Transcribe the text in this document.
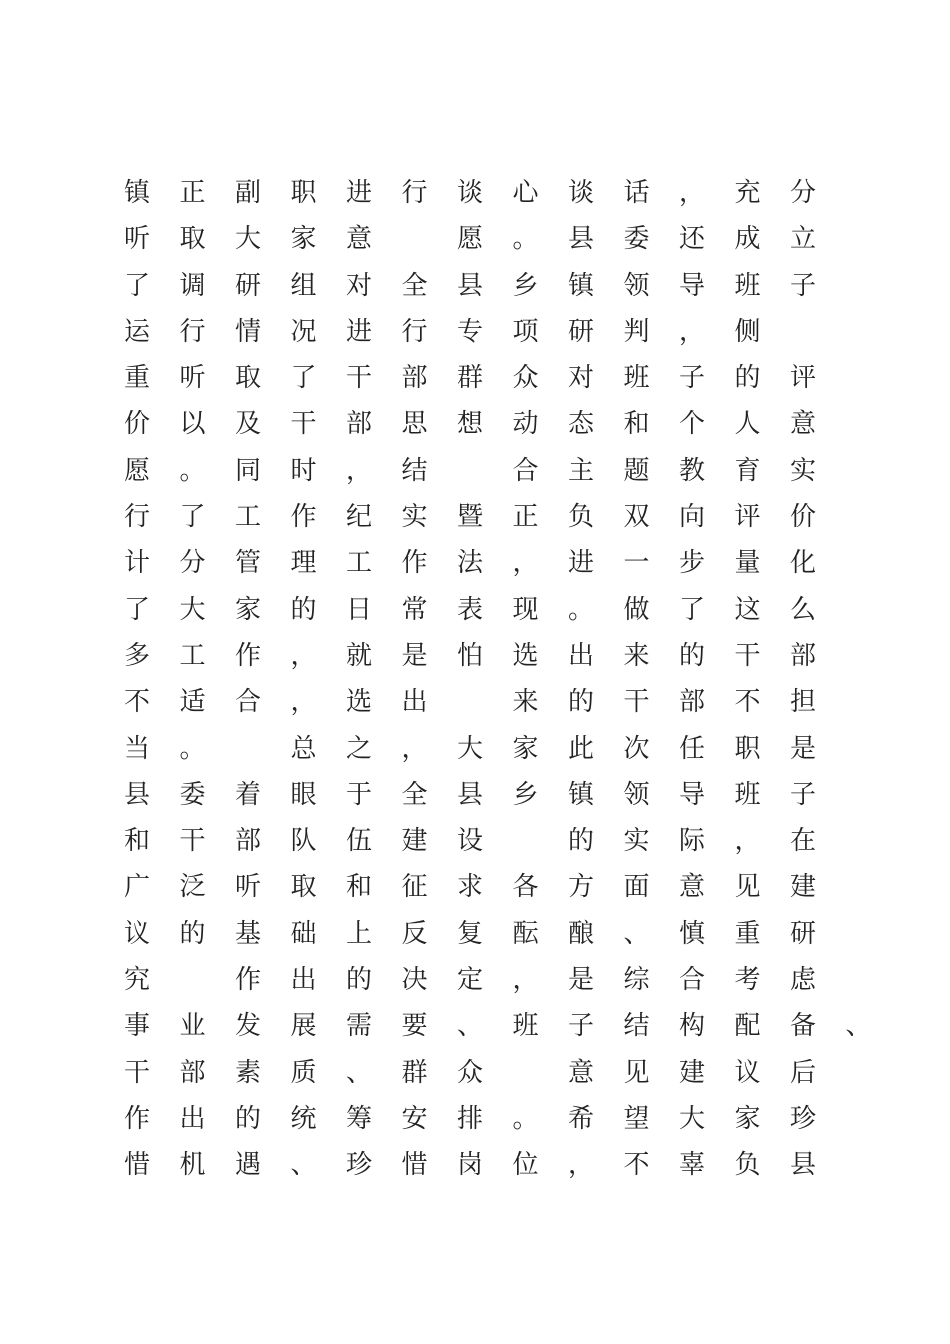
镇 正 副 职 进 行 谈 心 谈 话 ， 充 分
听 取 大 家 意	愿 。 县 委 还 成 立
了 调 研 组 对 全 县 乡 镇 领 导 班 子
运 行 情 况 进 行 专 项 研 判 ， 侧
重 听 取 了 干 部 群 众 对 班 子 的 评
价 以 及 干 部 思 想 动 态 和 个 人 意
愿 。 同 时 ， 结	合 主 题 教 育 实
行 了 工 作 纪 实 暨 正 负 双 向 评 价
计 分 管 理 工 作 法 ， 进 一 步 量 化
了 大 家 的 日 常 表 现 。 做 了 这 么
多 工 作 ， 就 是 怕 选 出 来 的 干 部
不 适 合 ， 选 出	来 的 干 部 不 担
当 。	总 之 ， 大 家 此 次 任 职 是
县 委 着 眼 于 全 县 乡 镇 领 导 班 子
和 干 部 队 伍 建 设	的 实 际 ， 在
广 泛 听 取 和 征 求 各 方 面 意 见 建
议 的 基 础 上 反 复 酝 酿 、 慎 重 研
究	作 出 的 决 定 ， 是 综 合 考 虑
事 业 发 展 需 要 、 班 子 结 构 配 备 、
干 部 素 质 、 群 众	意 见 建 议 后
作 出 的 统 筹 安 排 。 希 望 大 家 珍
惜 机 遇 、 珍 惜 岗 位 ， 不 辜 负 县
